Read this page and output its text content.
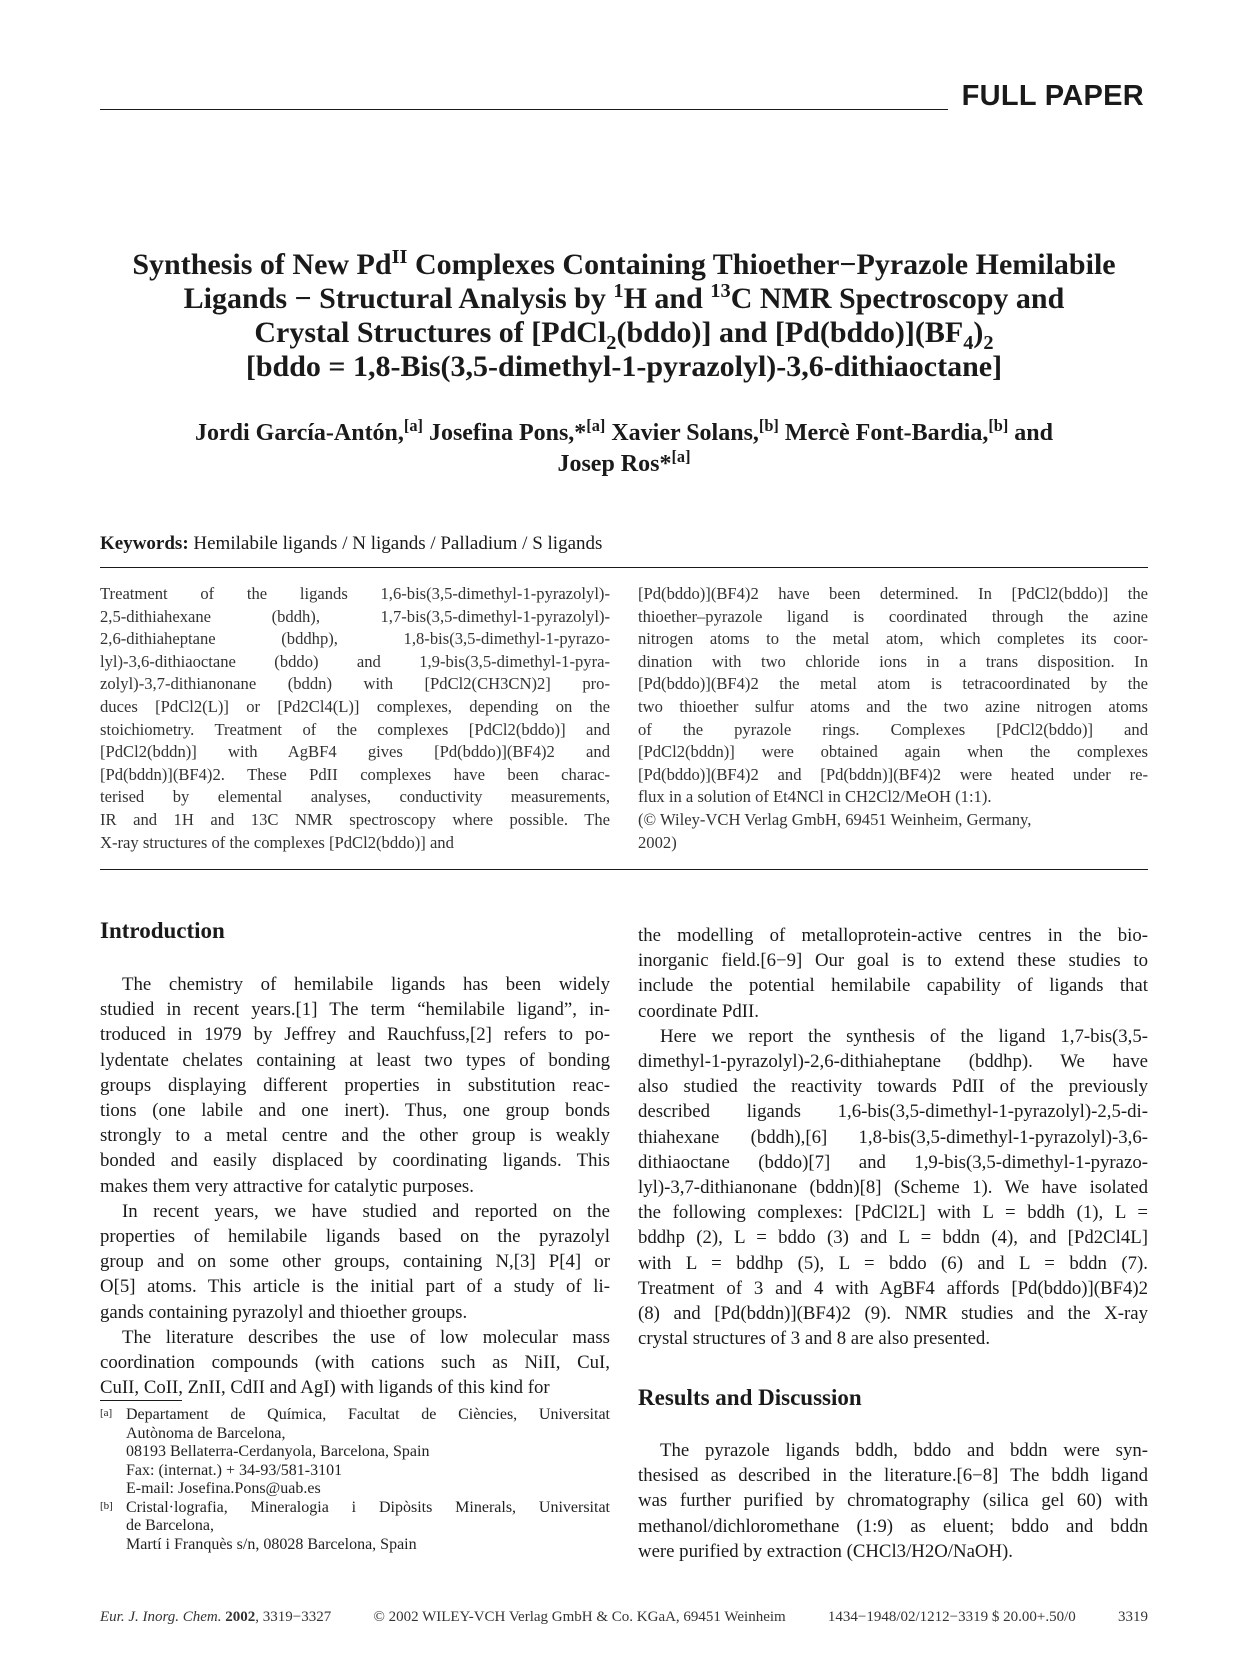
FULL PAPER
Synthesis of New $Pd^{II}$ Complexes Containing Thioether−Pyrazole Hemilabile
Ligands − Structural Analysis by $^1$H and $^{13}$C NMR Spectroscopy and
Crystal Structures of [PdCl$_2$(bddo)] and $[Pd(bddo)](BF_4)_2$
[bddo = 1,8-Bis(3,5-dimethyl-1-pyrazolyl)-3,6-dithiaoctane]
Jordi García-Antón,[a] Josefina Pons,*[a] Xavier Solans,[b] Mercè Font-Bardia,[b] and
Josep Ros*[a]
Keywords: Hemilabile ligands / N ligands / Palladium / S ligands
Treatment of the ligands 1,6-bis(3,5-dimethyl-1-pyrazolyl)-
2,5-dithiahexane (bddh), 1,7-bis(3,5-dimethyl-1-pyrazolyl)-
2,6-dithiaheptane (bddhp), 1,8-bis(3,5-dimethyl-1-pyrazo-
lyl)-3,6-dithiaoctane (bddo) and 1,9-bis(3,5-dimethyl-1-pyra-
zolyl)-3,7-dithianonane (bddn) with [PdCl2(CH3CN)2] pro-
duces [PdCl2(L)] or [Pd2Cl4(L)] complexes, depending on the
stoichiometry. Treatment of the complexes [PdCl2(bddo)] and
[PdCl2(bddn)] with AgBF4 gives [Pd(bddo)](BF4)2 and
[Pd(bddn)](BF4)2. These PdII complexes have been charac-
terised by elemental analyses, conductivity measurements,
IR and 1H and 13C NMR spectroscopy where possible. The
X-ray structures of the complexes [PdCl2(bddo)] and
[Pd(bddo)](BF4)2 have been determined. In [PdCl2(bddo)] the
thioether–pyrazole ligand is coordinated through the azine
nitrogen atoms to the metal atom, which completes its coor-
dination with two chloride ions in a trans disposition. In
[Pd(bddo)](BF4)2 the metal atom is tetracoordinated by the
two thioether sulfur atoms and the two azine nitrogen atoms
of the pyrazole rings. Complexes [PdCl2(bddo)] and
[PdCl2(bddn)] were obtained again when the complexes
[Pd(bddo)](BF4)2 and [Pd(bddn)](BF4)2 were heated under re-
flux in a solution of Et4NCl in CH2Cl2/MeOH (1:1).
(© Wiley-VCH Verlag GmbH, 69451 Weinheim, Germany,
2002)
Introduction
The chemistry of hemilabile ligands has been widely
studied in recent years.[1] The term “hemilabile ligand”, in-
troduced in 1979 by Jeffrey and Rauchfuss,[2] refers to po-
lydentate chelates containing at least two types of bonding
groups displaying different properties in substitution reac-
tions (one labile and one inert). Thus, one group bonds
strongly to a metal centre and the other group is weakly
bonded and easily displaced by coordinating ligands. This
makes them very attractive for catalytic purposes.
In recent years, we have studied and reported on the
properties of hemilabile ligands based on the pyrazolyl
group and on some other groups, containing N,[3] P[4] or
O[5] atoms. This article is the initial part of a study of li-
gands containing pyrazolyl and thioether groups.
The literature describes the use of low molecular mass
coordination compounds (with cations such as NiII, CuI,
CuII, CoII, ZnII, CdII and AgI) with ligands of this kind for
the modelling of metalloprotein-active centres in the bio-
inorganic field.[6−9] Our goal is to extend these studies to
include the potential hemilabile capability of ligands that
coordinate PdII.
Here we report the synthesis of the ligand 1,7-bis(3,5-
dimethyl-1-pyrazolyl)-2,6-dithiaheptane (bddhp). We have
also studied the reactivity towards PdII of the previously
described ligands 1,6-bis(3,5-dimethyl-1-pyrazolyl)-2,5-di-
thiahexane (bddh),[6] 1,8-bis(3,5-dimethyl-1-pyrazolyl)-3,6-
dithiaoctane (bddo)[7] and 1,9-bis(3,5-dimethyl-1-pyrazo-
lyl)-3,7-dithianonane (bddn)[8] (Scheme 1). We have isolated
the following complexes: [PdCl2L] with L = bddh (1), L =
bddhp (2), L = bddo (3) and L = bddn (4), and [Pd2Cl4L]
with L = bddhp (5), L = bddo (6) and L = bddn (7).
Treatment of 3 and 4 with AgBF4 affords [Pd(bddo)](BF4)2
(8) and [Pd(bddn)](BF4)2 (9). NMR studies and the X-ray
crystal structures of 3 and 8 are also presented.
Results and Discussion
The pyrazole ligands bddh, bddo and bddn were syn-
thesised as described in the literature.[6−8] The bddh ligand
was further purified by chromatography (silica gel 60) with
methanol/dichloromethane (1:9) as eluent; bddo and bddn
were purified by extraction (CHCl3/H2O/NaOH).
[a] Departament de Química, Facultat de Ciències, Universitat
Autònoma de Barcelona,
08193 Bellaterra-Cerdanyola, Barcelona, Spain
Fax: (internat.) + 34-93/581-3101
E-mail: Josefina.Pons@uab.es
[b] Cristal·lografia, Mineralogia i Dipòsits Minerals, Universitat
de Barcelona,
Martí i Franquès s/n, 08028 Barcelona, Spain
Eur. J. Inorg. Chem. 2002, 3319−3327	© 2002 WILEY-VCH Verlag GmbH & Co. KGaA, 69451 Weinheim	1434−1948/02/1212−3319 $ 20.00+.50/0	3319
